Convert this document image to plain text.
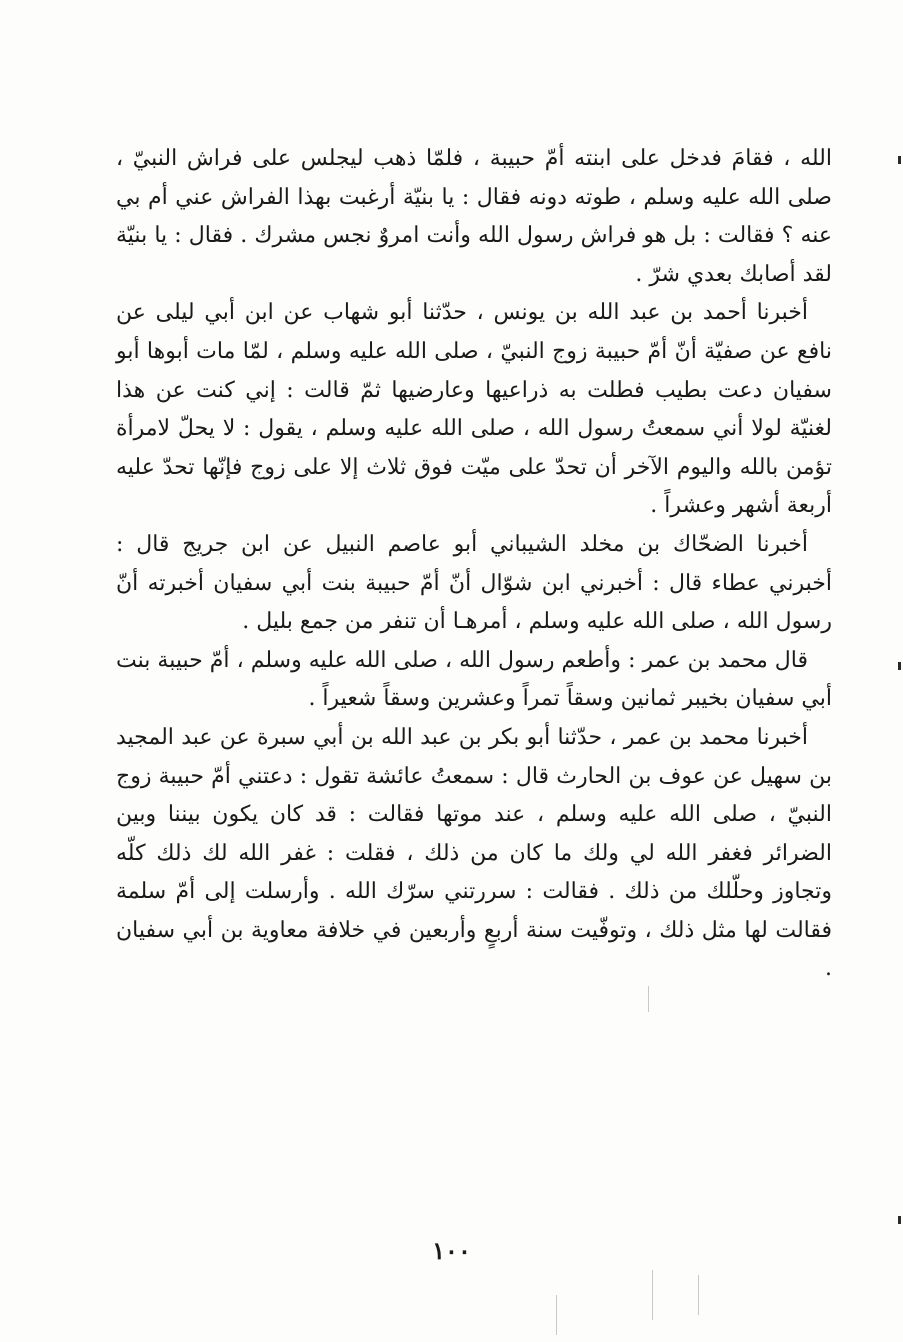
الله ، فقامَ فدخل على ابنته أمّ حبيبة ، فلمّا ذهب ليجلس على فراش النبيّ ، صلى الله عليه وسلم ، طوته دونه فقال : يا بنيّة أرغبت بهذا الفراش عني أم بي عنه ؟ فقالت : بل هو فراش رسول الله وأنت امروٌ نجس مشرك . فقال : يا بنيّة لقد أصابك بعدي شرّ .

أخبرنا أحمد بن عبد الله بن يونس ، حدّثنا أبو شهاب عن ابن أبي ليلى عن نافع عن صفيّة أنّ أمّ حبيبة زوج النبيّ ، صلى الله عليه وسلم ، لمّا مات أبوها أبو سفيان دعت بطيب فطلت به ذراعيها وعارضيها ثمّ قالت : إني كنت عن هذا لغنيّة لولا أني سمعتُ رسول الله ، صلى الله عليه وسلم ، يقول : لا يحلّ لامرأة تؤمن بالله واليوم الآخر أن تحدّ على ميّت فوق ثلاث إلا على زوج فإنّها تحدّ عليه أربعة أشهر وعشراً .

أخبرنا الضحّاك بن مخلد الشيباني أبو عاصم النبيل عن ابن جريج قال : أخبرني عطاء قال : أخبرني ابن شوّال أنّ أمّ حبيبة بنت أبي سفيان أخبرته أنّ رسول الله ، صلى الله عليه وسلم ، أمرهـا أن تنفر من جمع بليل .

قال محمد بن عمر : وأطعم رسول الله ، صلى الله عليه وسلم ، أمّ حبيبة بنت أبي سفيان بخيبر ثمانين وسقاً تمراً وعشرين وسقاً شعيراً .

أخبرنا محمد بن عمر ، حدّثنا أبو بكر بن عبد الله بن أبي سبرة عن عبد المجيد بن سهيل عن عوف بن الحارث قال : سمعتُ عائشة تقول : دعتني أمّ حبيبة زوج النبيّ ، صلى الله عليه وسلم ، عند موتها فقالت : قد كان يكون بيننا وبين الضرائر فغفر الله لي ولك ما كان من ذلك ، فقلت : غفر الله لك ذلك كلّه وتجاوز وحلّلك من ذلك . فقالت : سررتني سرّك الله . وأرسلت إلى أمّ سلمة فقالت لها مثل ذلك ، وتوفّيت سنة أربعٍ وأربعين في خلافة معاوية بن أبي سفيان .

١٠٠
